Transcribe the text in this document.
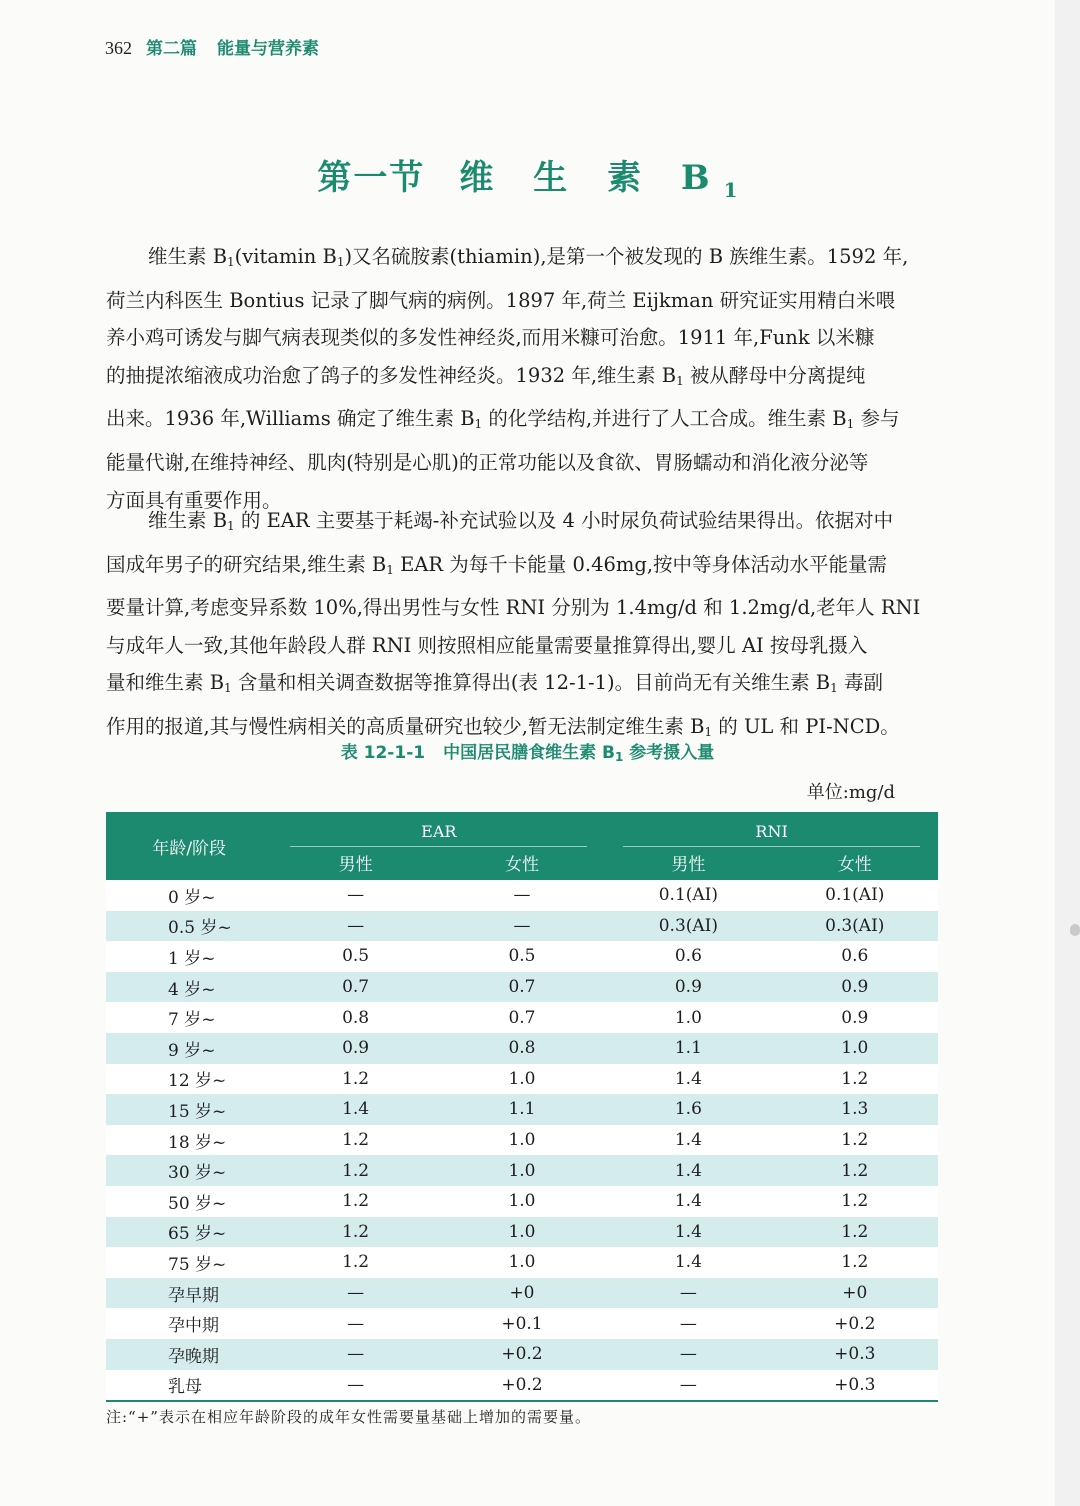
362 第二篇 能量与营养素
第一节 维 生 素 $B_1$
维生素 $B_1(vitamin$ $B_1$)又名硫胺素(thiamin),是第一个被发现的 B 族维生素。1592 年,
荷兰内科医生 Bontius 记录了脚气病的病例。1897 年,荷兰 Eijkman 研究证实用精白米喂
养小鸡可诱发与脚气病表现类似的多发性神经炎,而用米糠可治愈。1911 年,Funk 以米糠
的抽提浓缩液成功治愈了鸽子的多发性神经炎。1932 年,维生素 $B_1$ 被从酵母中分离提纯
出来。1936 年,Williams 确定了维生素 $B_1$ 的化学结构,并进行了人工合成。维生素 $B_1$ 参与
能量代谢,在维持神经、肌肉(特别是心肌)的正常功能以及食欲、胃肠蠕动和消化液分泌等
方面具有重要作用。
维生素 $B_1$ 的 EAR 主要基于耗竭-补充试验以及 4 小时尿负荷试验结果得出。依据对中
国成年男子的研究结果,维生素 $B_1$ EAR 为每千卡能量 0.46mg,按中等身体活动水平能量需
要量计算,考虑变异系数 10%,得出男性与女性 RNI 分别为 1.4mg/d 和 1.2mg/d,老年人 RNI
与成年人一致,其他年龄段人群 RNI 则按照相应能量需要量推算得出,婴儿 AI 按母乳摄入
量和维生素 $B_1$ 含量和相关调查数据等推算得出(表 12-1-1)。目前尚无有关维生素 $B_1$ 毒副
作用的报道,其与慢性病相关的高质量研究也较少,暂无法制定维生素 $B_1$ 的 UL 和 PI-NCD。
表 12-1-1 中国居民膳食维生素 $B_1$ 参考摄入量
单位:mg/d
年龄/阶段	EAR		RNI	
	男性	女性	男性	女性
0 岁~	—	—	0.1(AI)	0.1(AI)
0.5 岁~	—	—	0.3(AI)	0.3(AI)
1 岁~	0.5	0.5	0.6	0.6
4 岁~	0.7	0.7	0.9	0.9
7 岁~	0.8	0.7	1.0	0.9
9 岁~	0.9	0.8	1.1	1.0
12 岁~	1.2	1.0	1.4	1.2
15 岁~	1.4	1.1	1.6	1.3
18 岁~	1.2	1.0	1.4	1.2
30 岁~	1.2	1.0	1.4	1.2
50 岁~	1.2	1.0	1.4	1.2
65 岁~	1.2	1.0	1.4	1.2
75 岁~	1.2	1.0	1.4	1.2
孕早期	—	+0	—	+0
孕中期	—	+0.1	—	+0.2
孕晚期	—	+0.2	—	+0.3
乳母	—	+0.2	—	+0.3
注:“+”表示在相应年龄阶段的成年女性需要量基础上增加的需要量。
